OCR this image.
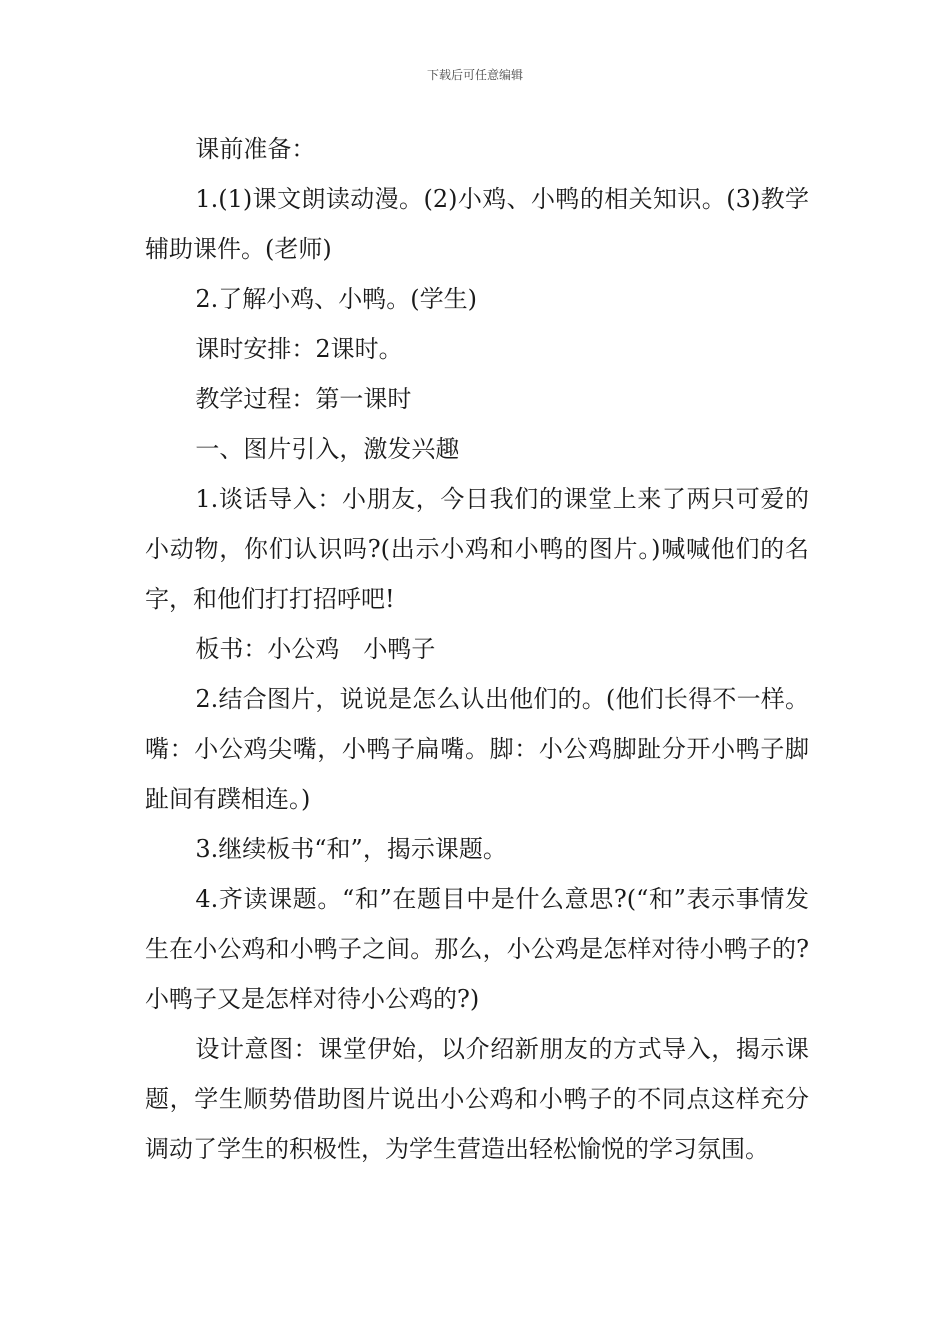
下载后可任意编辑

课前准备：

1.(1)课文朗读动漫。(2)小鸡、小鸭的相关知识。(3)教学辅助课件。(老师)

2.了解小鸡、小鸭。(学生)

课时安排：2课时。

教学过程：第一课时

一、图片引入，激发兴趣

1.谈话导入：小朋友，今日我们的课堂上来了两只可爱的小动物，你们认识吗?(出示小鸡和小鸭的图片。)喊喊他们的名字，和他们打打招呼吧!

板书：小公鸡　小鸭子

2.结合图片，说说是怎么认出他们的。(他们长得不一样。嘴：小公鸡尖嘴，小鸭子扁嘴。脚：小公鸡脚趾分开小鸭子脚趾间有蹼相连。)

3.继续板书“和”，揭示课题。

4.齐读课题。“和”在题目中是什么意思?(“和”表示事情发生在小公鸡和小鸭子之间。那么，小公鸡是怎样对待小鸭子的?小鸭子又是怎样对待小公鸡的?)

设计意图：课堂伊始，以介绍新朋友的方式导入，揭示课题，学生顺势借助图片说出小公鸡和小鸭子的不同点这样充分调动了学生的积极性，为学生营造出轻松愉悦的学习氛围。
